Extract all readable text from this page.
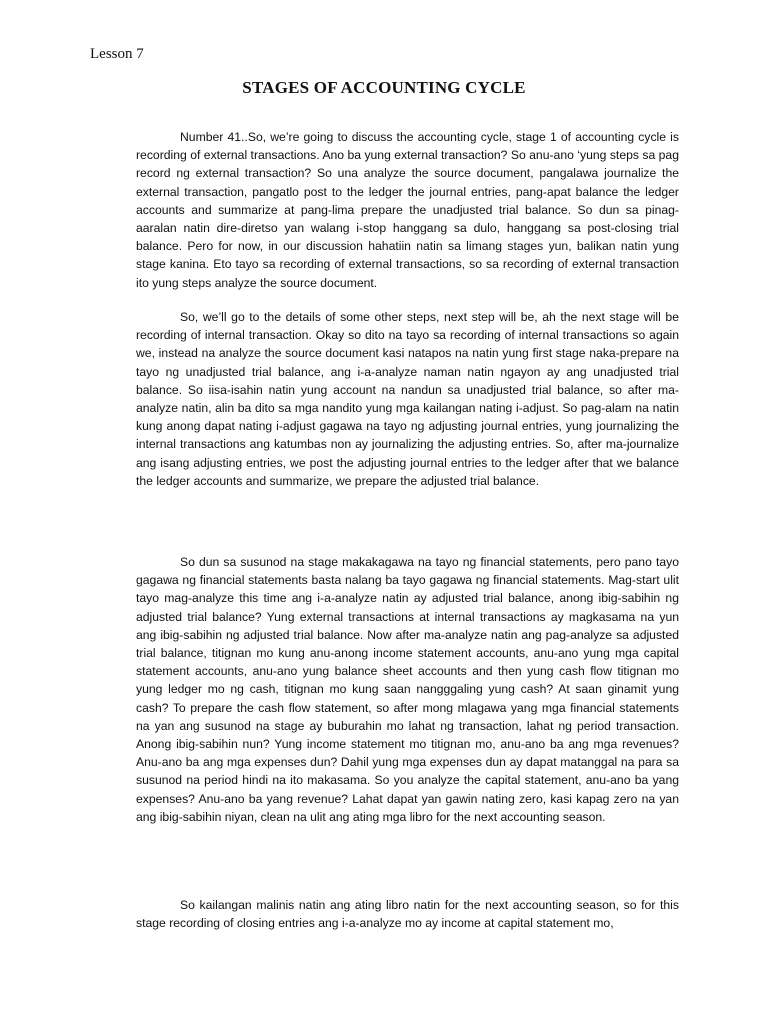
Lesson 7
STAGES OF ACCOUNTING CYCLE

Number 41..So, we’re going to discuss the accounting cycle, stage 1 of accounting cycle is recording of external transactions. Ano ba yung external transaction? So anu-ano ‘yung steps sa pag record ng external transaction? So una analyze the source document, pangalawa journalize the external transaction, pangatlo post to the ledger the journal entries, pang-apat balance the ledger accounts and summarize at pang-lima prepare the unadjusted trial balance. So dun sa pinag-aaralan natin dire-diretso yan walang i-stop hanggang sa dulo, hanggang sa post-closing trial balance. Pero for now, in our discussion hahatiin natin sa limang stages yun, balikan natin yung stage kanina. Eto tayo sa recording of external transactions, so sa recording of external transaction ito yung steps analyze the source document.

So, we’ll go to the details of some other steps, next step will be, ah the next stage will be recording of internal transaction. Okay so dito na tayo sa recording of internal transactions so again we, instead na analyze the source document kasi natapos na natin yung first stage naka-prepare na tayo ng unadjusted trial balance, ang i-a-analyze naman natin ngayon ay ang unadjusted trial balance. So iisa-isahin natin yung account na nandun sa unadjusted trial balance, so after ma-analyze natin, alin ba dito sa mga nandito yung mga kailangan nating i-adjust. So pag-alam na natin kung anong dapat nating i-adjust gagawa na tayo ng adjusting journal entries, yung journalizing the internal transactions ang katumbas non ay journalizing the adjusting entries. So, after ma-journalize ang isang adjusting entries, we post the adjusting journal entries to the ledger after that we balance the ledger accounts and summarize, we prepare the adjusted trial balance.

So dun sa susunod na stage makakagawa na tayo ng financial statements, pero pano tayo gagawa ng financial statements basta nalang ba tayo gagawa ng financial statements. Mag-start ulit tayo mag-analyze this time ang i-a-analyze natin ay adjusted trial balance, anong ibig-sabihin ng adjusted trial balance? Yung external transactions at internal transactions ay magkasama na yun ang ibig-sabihin ng adjusted trial balance. Now after ma-analyze natin ang pag-analyze sa adjusted trial balance, titignan mo kung anu-anong income statement accounts, anu-ano yung mga capital statement accounts, anu-ano yung balance sheet accounts and then yung cash flow titignan mo yung ledger mo ng cash, titignan mo kung saan nangggaling yung cash? At saan ginamit yung cash? To prepare the cash flow statement, so after mong mlagawa yang mga financial statements na yan ang susunod na stage ay buburahin mo lahat ng transaction, lahat ng period transaction. Anong ibig-sabihin nun? Yung income statement mo titignan mo, anu-ano ba ang mga revenues? Anu-ano ba ang mga expenses dun? Dahil yung mga expenses dun ay dapat matanggal na para sa susunod na period hindi na ito makasama. So you analyze the capital statement, anu-ano ba yang expenses? Anu-ano ba yang revenue? Lahat dapat yan gawin nating zero, kasi kapag zero na yan ang ibig-sabihin niyan, clean na ulit ang ating mga libro for the next accounting season.

So kailangan malinis natin ang ating libro natin for the next accounting season, so for this stage recording of closing entries ang i-a-analyze mo ay income at capital statement mo,
